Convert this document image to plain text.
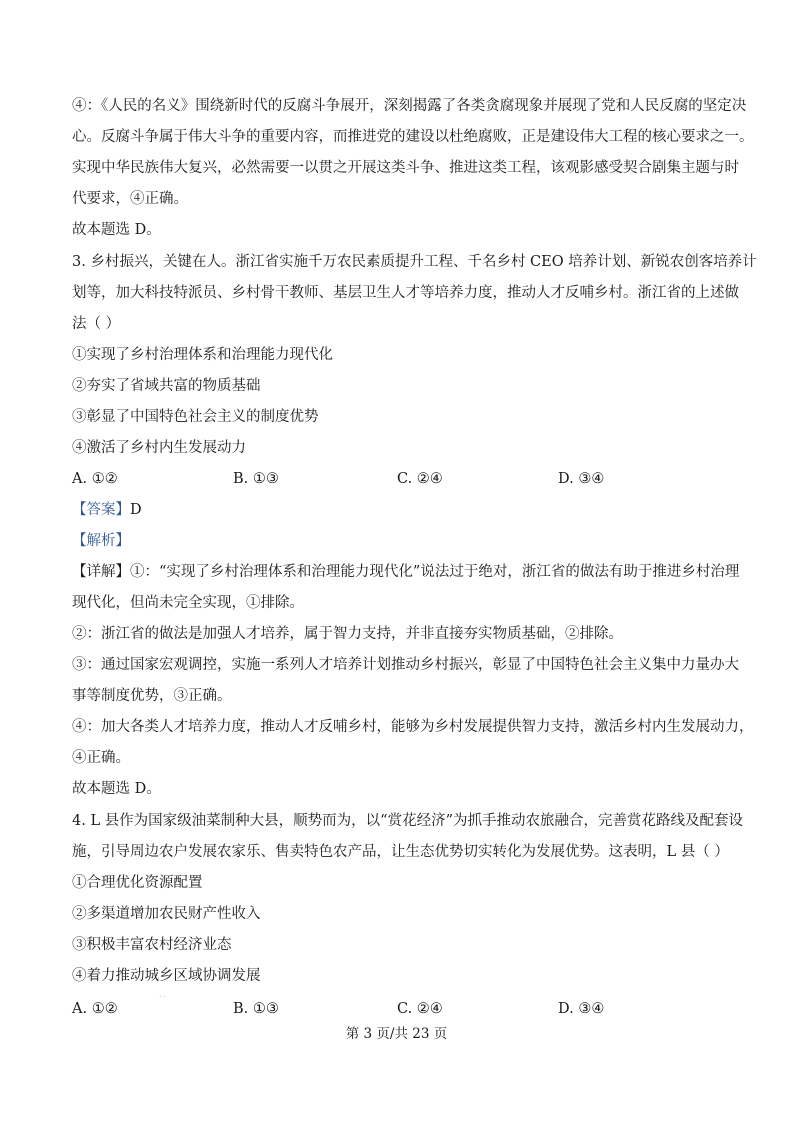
④：《人民的名义》围绕新时代的反腐斗争展开，深刻揭露了各类贪腐现象并展现了党和人民反腐的坚定决
心。反腐斗争属于伟大斗争的重要内容，而推进党的建设以杜绝腐败，正是建设伟大工程的核心要求之一。
实现中华民族伟大复兴，必然需要一以贯之开展这类斗争、推进这类工程，该观影感受契合剧集主题与时
代要求，④正确。
故本题选 D。
3. 乡村振兴，关键在人。浙江省实施千万农民素质提升工程、千名乡村 CEO 培养计划、新锐农创客培养计
划等，加大科技特派员、乡村骨干教师、基层卫生人才等培养力度，推动人才反哺乡村。浙江省的上述做
法（ ）
①实现了乡村治理体系和治理能力现代化
②夯实了省域共富的物质基础
③彰显了中国特色社会主义的制度优势
④激活了乡村内生发展动力
A. ①②	B. ①③	C. ②④	D. ③④
【答案】D
【解析】
【详解】①：“实现了乡村治理体系和治理能力现代化”说法过于绝对，浙江省的做法有助于推进乡村治理
现代化，但尚未完全实现，①排除。
②：浙江省的做法是加强人才培养，属于智力支持，并非直接夯实物质基础，②排除。
③：通过国家宏观调控，实施一系列人才培养计划推动乡村振兴，彰显了中国特色社会主义集中力量办大
事等制度优势，③正确。
④：加大各类人才培养力度，推动人才反哺乡村，能够为乡村发展提供智力支持，激活乡村内生发展动力，
④正确。
故本题选 D。
4. L 县作为国家级油菜制种大县，顺势而为，以“赏花经济”为抓手推动农旅融合，完善赏花路线及配套设
施，引导周边农户发展农家乐、售卖特色农产品，让生态优势切实转化为发展优势。这表明，L 县（ ）
①合理优化资源配置
②多渠道增加农民财产性收入
③积极丰富农村经济业态
④着力推动城乡区域协调发展
˙˙
A. ①②	B. ①③	C. ②④	D. ③④
第 3 页/共 23 页
